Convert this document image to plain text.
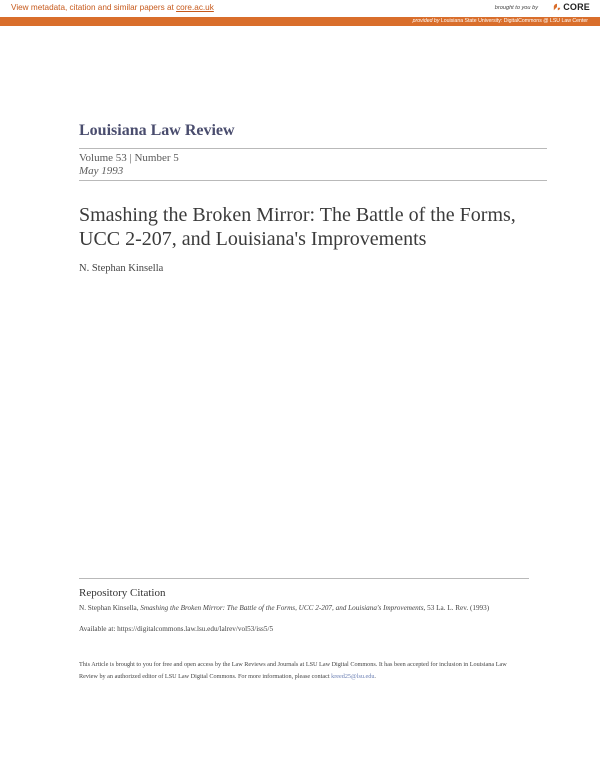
View metadata, citation and similar papers at core.ac.uk	brought to you by	CORE
provided by Louisiana State University: DigitalCommons @ LSU Law Center
Louisiana Law Review
Volume 53 | Number 5
May 1993
Smashing the Broken Mirror: The Battle of the Forms, UCC 2-207, and Louisiana's Improvements
N. Stephan Kinsella
Repository Citation
N. Stephan Kinsella, Smashing the Broken Mirror: The Battle of the Forms, UCC 2-207, and Louisiana's Improvements, 53 La. L. Rev. (1993)
Available at: https://digitalcommons.law.lsu.edu/lalrev/vol53/iss5/5
This Article is brought to you for free and open access by the Law Reviews and Journals at LSU Law Digital Commons. It has been accepted for inclusion in Louisiana Law Review by an authorized editor of LSU Law Digital Commons. For more information, please contact kreed25@lsu.edu.
